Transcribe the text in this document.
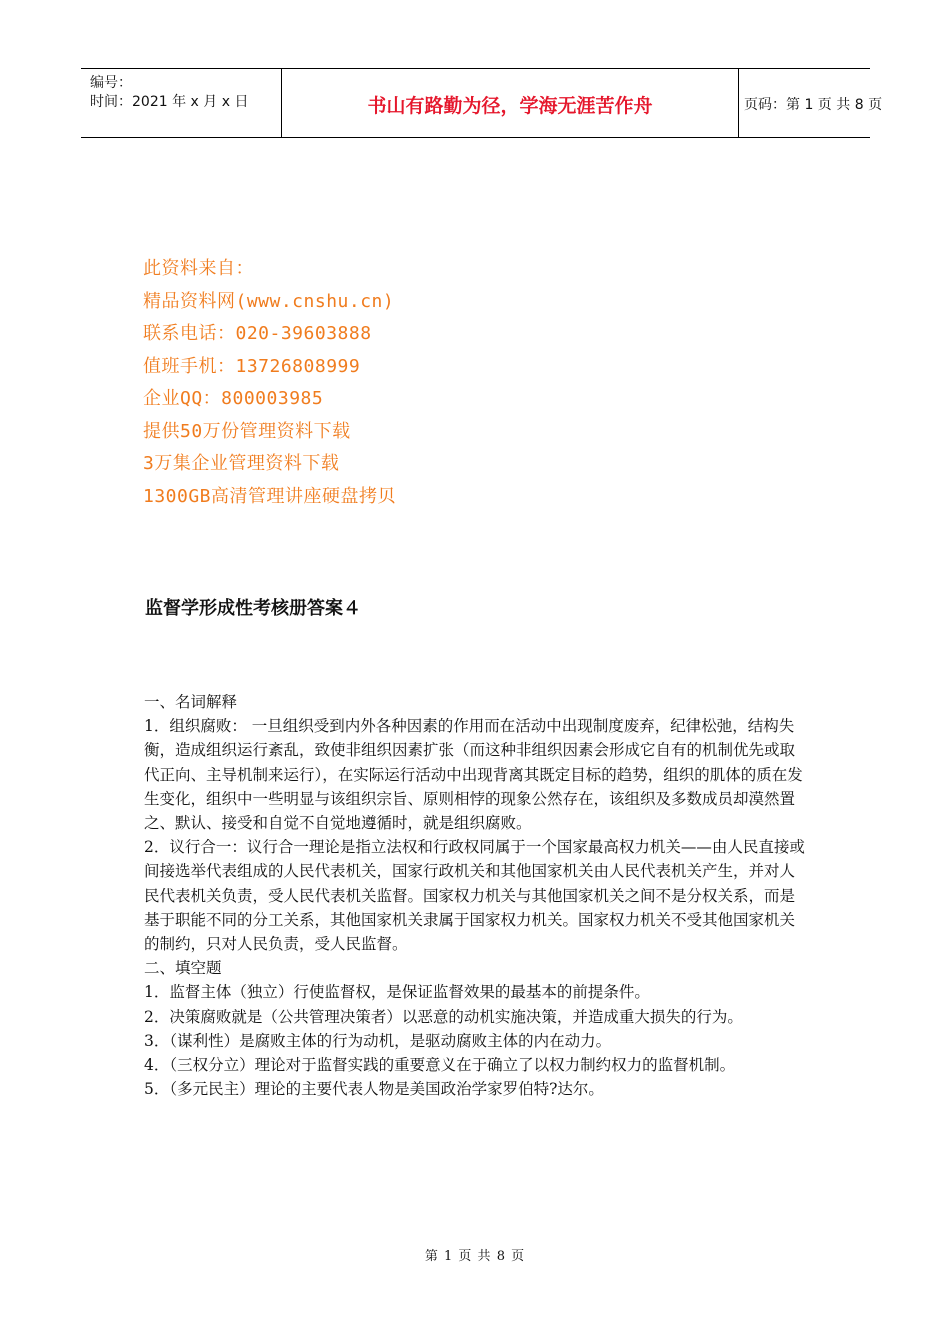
编号：
时间：2021 年 x 月 x 日	书山有路勤为径，学海无涯苦作舟	页码：第 1 页 共 8 页
此资料来自：
精品资料网(www.cnshu.cn)
联系电话：020-39603888
值班手机：13726808999
企业QQ：800003985
提供50万份管理资料下载
3万集企业管理资料下载
1300GB高清管理讲座硬盘拷贝
监督学形成性考核册答案４

一、名词解释

1．组织腐败： 一旦组织受到内外各种因素的作用而在活动中出现制度废弃，纪律松弛，结构失衡，造成组织运行紊乱，致使非组织因素扩张（而这种非组织因素会形成它自有的机制优先或取代正向、主导机制来运行），在实际运行活动中出现背离其既定目标的趋势，组织的肌体的质在发生变化，组织中一些明显与该组织宗旨、原则相悖的现象公然存在，该组织及多数成员却漠然置之、默认、接受和自觉不自觉地遵循时，就是组织腐败。

2．议行合一：议行合一理论是指立法权和行政权同属于一个国家最高权力机关——由人民直接或间接选举代表组成的人民代表机关，国家行政机关和其他国家机关由人民代表机关产生，并对人民代表机关负责，受人民代表机关监督。国家权力机关与其他国家机关之间不是分权关系，而是基于职能不同的分工关系，其他国家机关隶属于国家权力机关。国家权力机关不受其他国家机关的制约，只对人民负责，受人民监督。

二、填空题

1．监督主体（独立）行使监督权，是保证监督效果的最基本的前提条件。

2．决策腐败就是（公共管理决策者）以恶意的动机实施决策，并造成重大损失的行为。

3．（谋利性）是腐败主体的行为动机，是驱动腐败主体的内在动力。

4．（三权分立）理论对于监督实践的重要意义在于确立了以权力制约权力的监督机制。

5．（多元民主）理论的主要代表人物是美国政治学家罗伯特?达尔。

第 1 页 共 8 页
